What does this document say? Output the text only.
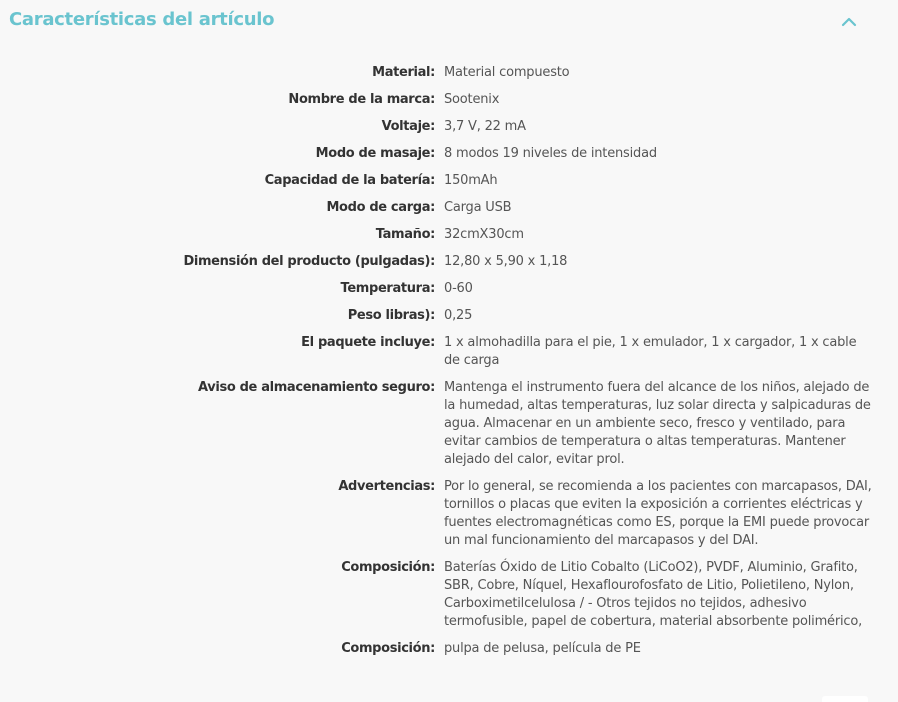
Características del artículo
Material: Material compuesto
Nombre de la marca: Sootenix
Voltaje: 3,7 V, 22 mA
Modo de masaje: 8 modos 19 niveles de intensidad
Capacidad de la batería: 150mAh
Modo de carga: Carga USB
Tamaño: 32cmX30cm
Dimensión del producto (pulgadas): 12,80 x 5,90 x 1,18
Temperatura: 0-60
Peso libras): 0,25
El paquete incluye: 1 x almohadilla para el pie, 1 x emulador, 1 x cargador, 1 x cable de carga
Aviso de almacenamiento seguro: Mantenga el instrumento fuera del alcance de los niños, alejado de la humedad, altas temperaturas, luz solar directa y salpicaduras de agua. Almacenar en un ambiente seco, fresco y ventilado, para evitar cambios de temperatura o altas temperaturas. Mantener alejado del calor, evitar prol.
Advertencias: Por lo general, se recomienda a los pacientes con marcapasos, DAI, tornillos o placas que eviten la exposición a corrientes eléctricas y fuentes electromagnéticas como ES, porque la EMI puede provocar un mal funcionamiento del marcapasos y del DAI.
Composición: Baterías Óxido de Litio Cobalto (LiCoO2), PVDF, Aluminio, Grafito, SBR, Cobre, Níquel, Hexaflourofosfato de Litio, Polietileno, Nylon, Carboximetilcelulosa / - Otros tejidos no tejidos, adhesivo termofusible, papel de cobertura, material absorbente polimérico,
Composición: pulpa de pelusa, película de PE
